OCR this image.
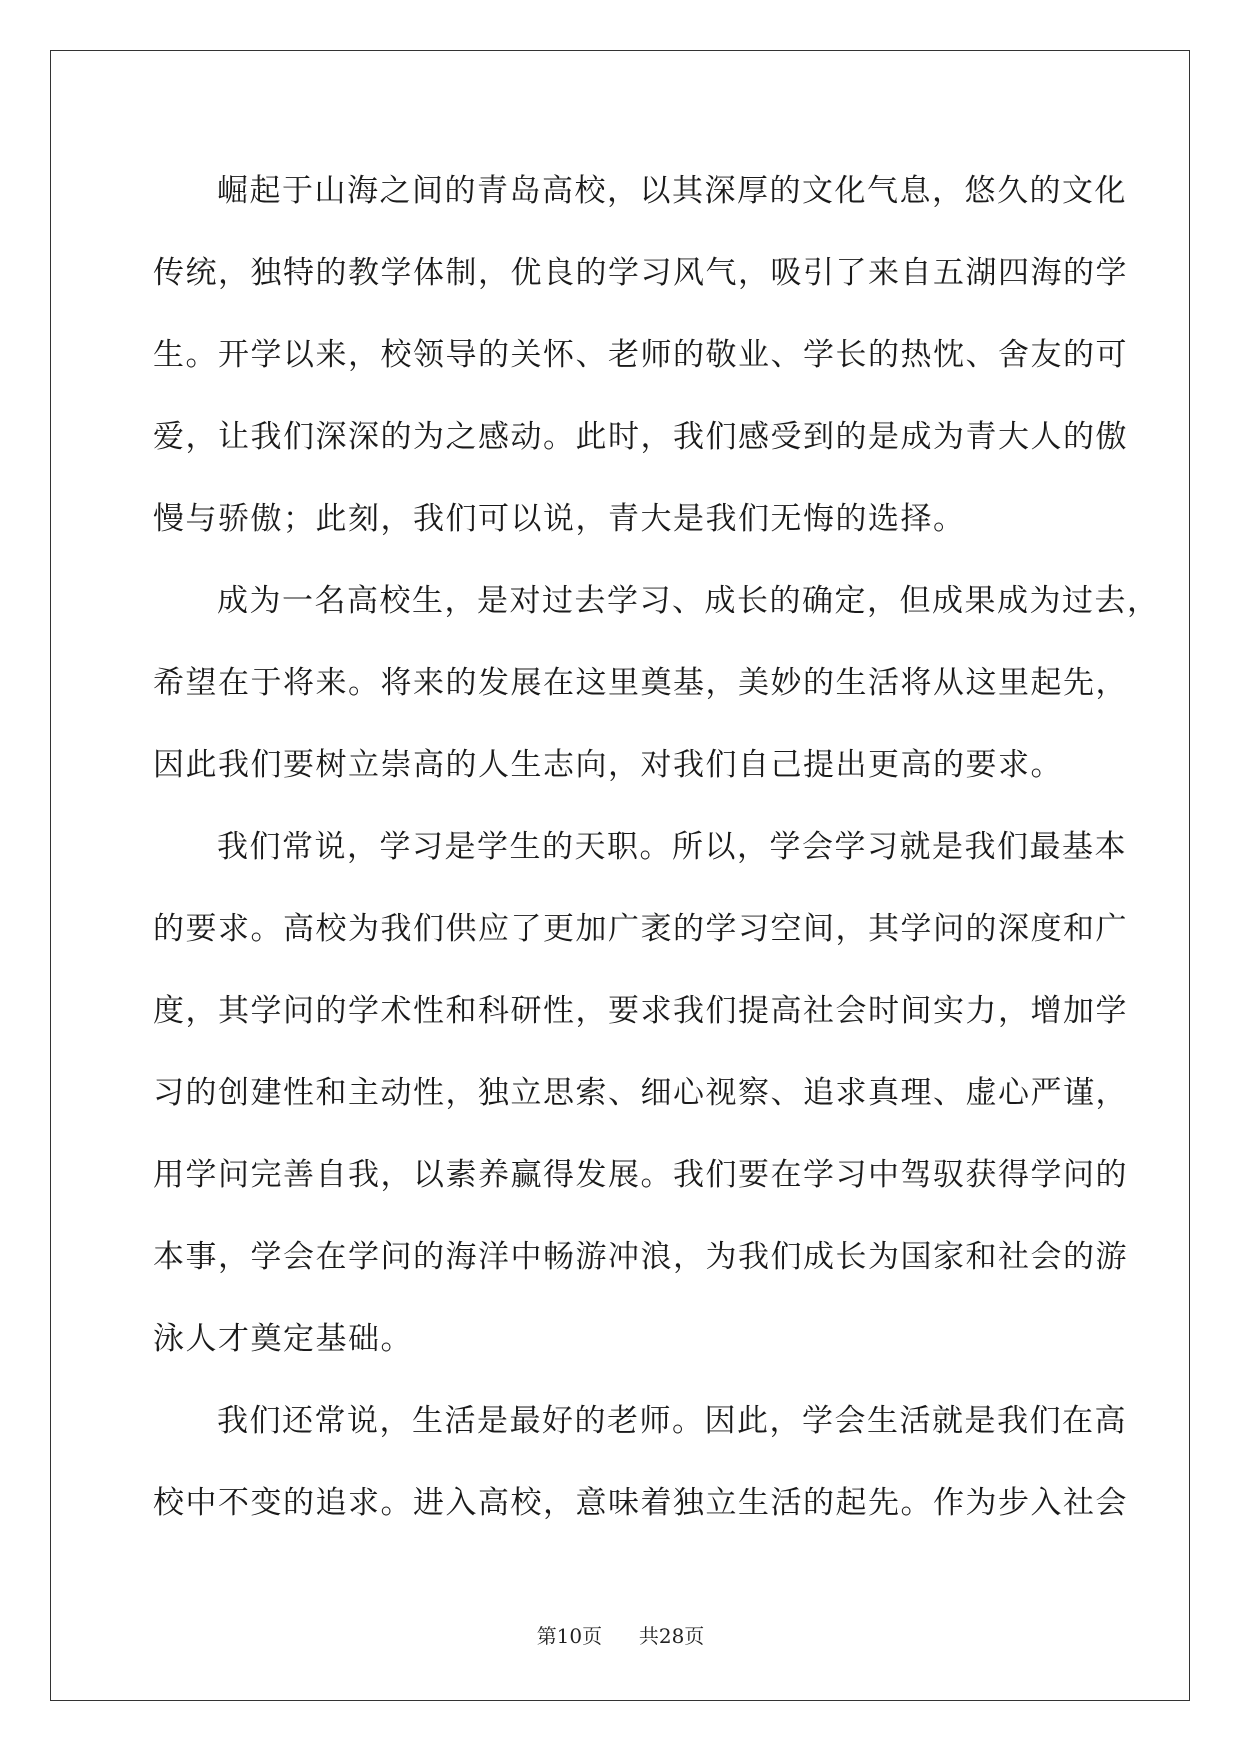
崛起于山海之间的青岛高校，以其深厚的文化气息，悠久的文化
传统，独特的教学体制，优良的学习风气，吸引了来自五湖四海的学
生。开学以来，校领导的关怀、老师的敬业、学长的热忱、舍友的可
爱，让我们深深的为之感动。此时，我们感受到的是成为青大人的傲
慢与骄傲；此刻，我们可以说，青大是我们无悔的选择。
成为一名高校生，是对过去学习、成长的确定，但成果成为过去，
希望在于将来。将来的发展在这里奠基，美妙的生活将从这里起先，
因此我们要树立崇高的人生志向，对我们自己提出更高的要求。
我们常说，学习是学生的天职。所以，学会学习就是我们最基本
的要求。高校为我们供应了更加广袤的学习空间，其学问的深度和广
度，其学问的学术性和科研性，要求我们提高社会时间实力，增加学
习的创建性和主动性，独立思索、细心视察、追求真理、虚心严谨，
用学问完善自我，以素养赢得发展。我们要在学习中驾驭获得学问的
本事，学会在学问的海洋中畅游冲浪，为我们成长为国家和社会的游
泳人才奠定基础。
我们还常说，生活是最好的老师。因此，学会生活就是我们在高
校中不变的追求。进入高校，意味着独立生活的起先。作为步入社会
第10页 共28页
